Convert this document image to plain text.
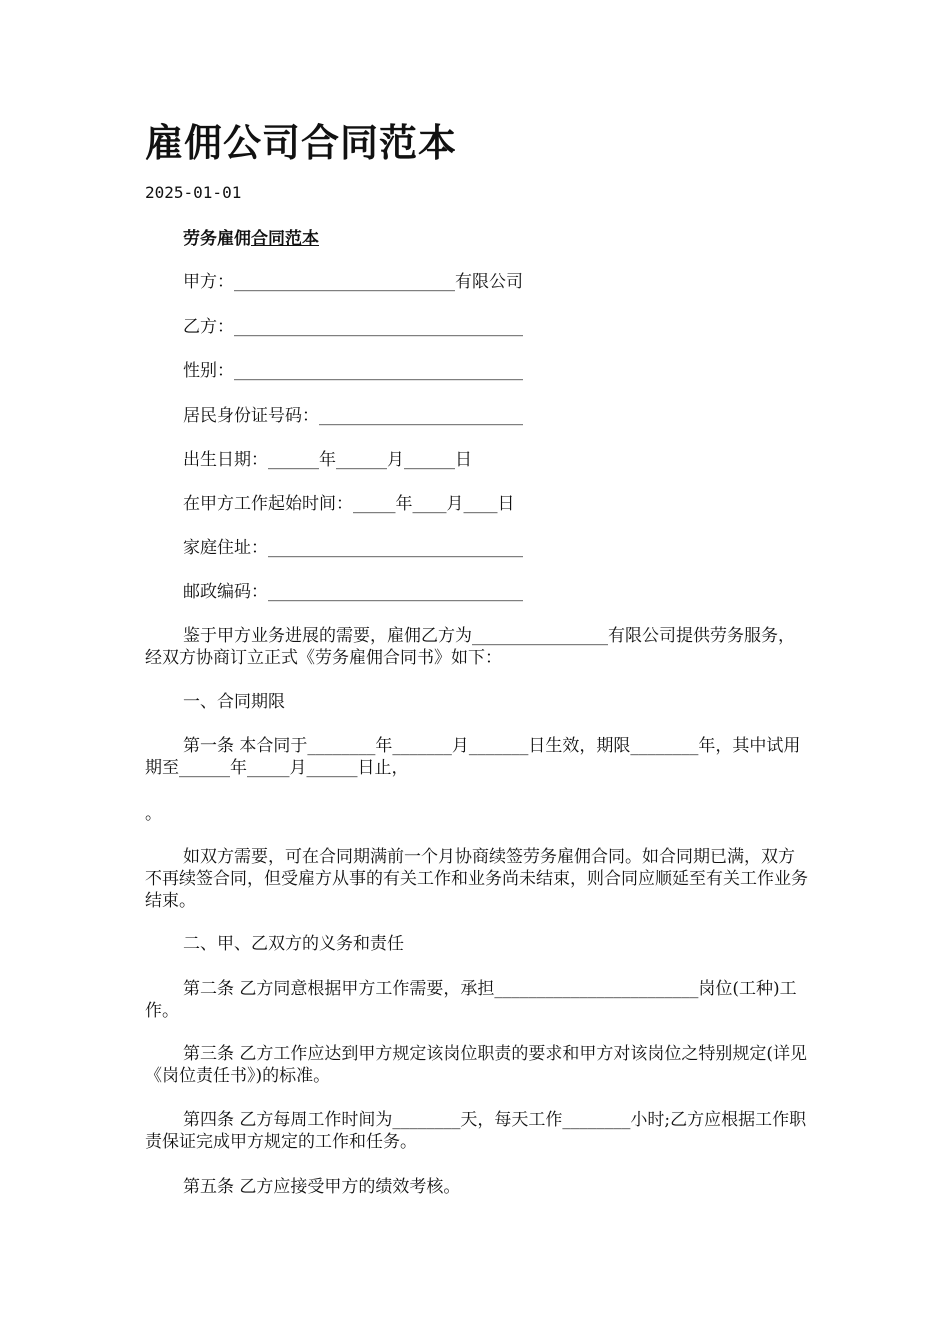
雇佣公司合同范本
2025-01-01
劳务雇佣合同范本
甲方：__________________________有限公司
乙方：__________________________________
性别：__________________________________
居民身份证号码：________________________
出生日期：______年______月______日
在甲方工作起始时间：_____年____月____日
家庭住址：______________________________
邮政编码：______________________________
鉴于甲方业务进展的需要，雇佣乙方为________________有限公司提供劳务服务，经双方协商订立正式《劳务雇佣合同书》如下：
一、合同期限
第一条 本合同于________年_______月_______日生效，期限________年，其中试用期至______年_____月______日止，
。
如双方需要，可在合同期满前一个月协商续签劳务雇佣合同。如合同期已满，双方不再续签合同，但受雇方从事的有关工作和业务尚未结束，则合同应顺延至有关工作业务结束。
二、甲、乙双方的义务和责任
第二条 乙方同意根据甲方工作需要，承担________________________岗位(工种)工作。
第三条 乙方工作应达到甲方规定该岗位职责的要求和甲方对该岗位之特别规定(详见《岗位责任书》)的标准。
第四条 乙方每周工作时间为________天，每天工作________小时;乙方应根据工作职责保证完成甲方规定的工作和任务。
第五条 乙方应接受甲方的绩效考核。
